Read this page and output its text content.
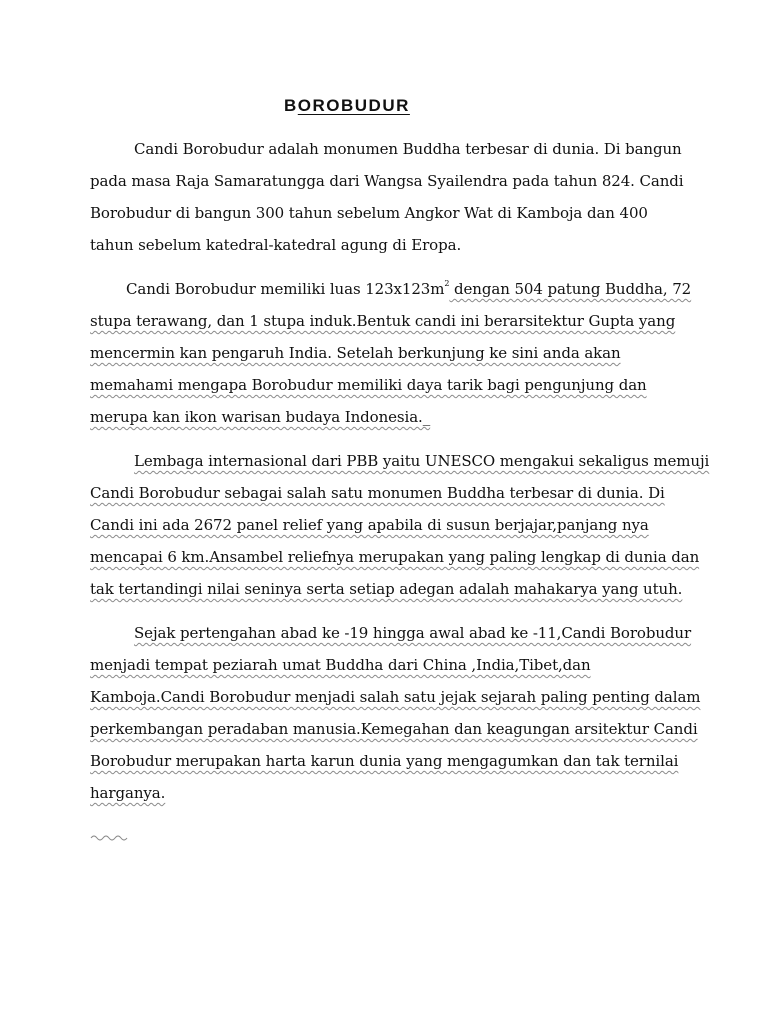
BOROBUDUR

Candi Borobudur adalah monumen Buddha terbesar di dunia. Di bangun
pada masa Raja Samaratungga dari Wangsa Syailendra pada tahun 824. Candi
Borobudur di bangun 300 tahun sebelum Angkor Wat di Kamboja dan 400
tahun sebelum katedral-katedral agung di Eropa.

Candi Borobudur memiliki luas $123x123m^2$ dengan 504 patung Buddha, 72
stupa terawang, dan 1 stupa induk.Bentuk candi ini berarsitektur Gupta yang
mencermin kan pengaruh India. Setelah berkunjung ke sini anda akan
memahami mengapa Borobudur memiliki daya tarik bagi pengunjung dan
merupa kan ikon warisan budaya Indonesia._

Lembaga internasional dari PBB yaitu UNESCO mengakui sekaligus memuji
Candi Borobudur sebagai salah satu monumen Buddha terbesar di dunia. Di
Candi ini ada 2672 panel relief yang apabila di susun berjajar,panjang nya
mencapai 6 km.Ansambel reliefnya merupakan yang paling lengkap di dunia dan
tak tertandingi nilai seninya serta setiap adegan adalah mahakarya yang utuh.

Sejak pertengahan abad ke -19 hingga awal abad ke -11,Candi Borobudur
menjadi tempat peziarah umat Buddha dari China ,India,Tibet,dan
Kamboja.Candi Borobudur menjadi salah satu jejak sejarah paling penting dalam
perkembangan peradaban manusia.Kemegahan dan keagungan arsitektur Candi
Borobudur merupakan harta karun dunia yang mengagumkan dan tak ternilai
harganya.
